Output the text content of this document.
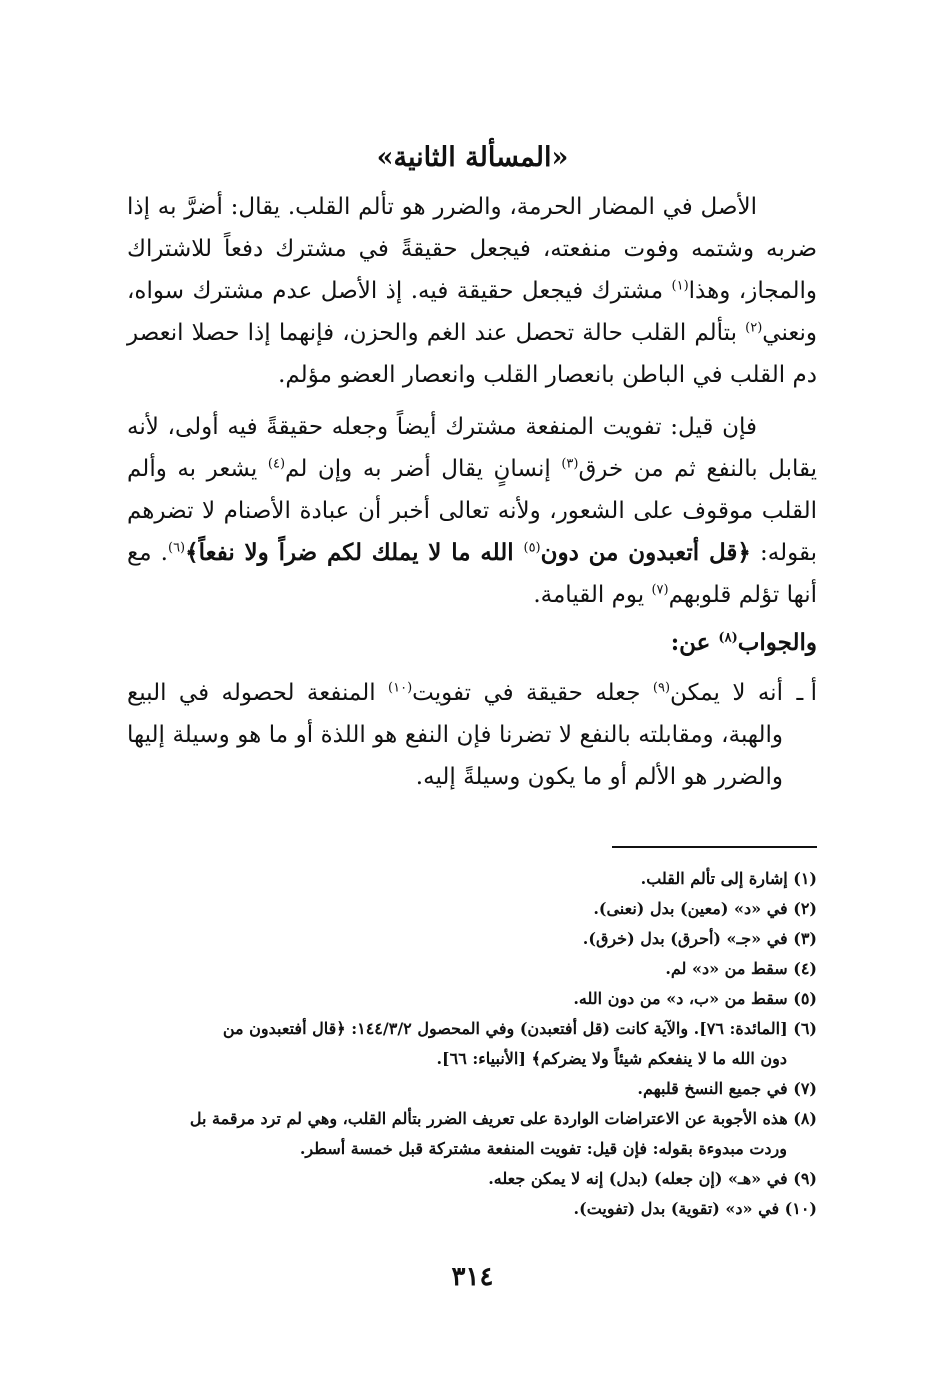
«المسألة الثانية»

الأصل في المضار الحرمة، والضرر هو تألم القلب. يقال: أضرَّ به إذا ضربه وشتمه وفوت منفعته، فيجعل حقيقةً في مشترك دفعاً للاشتراك والمجاز، وهذا$^{(١)}$ مشترك فيجعل حقيقة فيه. إذ الأصل عدم مشترك سواه، ونعني$^{(٢)}$ بتألم القلب حالة تحصل عند الغم والحزن، فإنهما إذا حصلا انعصر دم القلب في الباطن بانعصار القلب وانعصار العضو مؤلم.

فإن قيل: تفويت المنفعة مشترك أيضاً وجعله حقيقةً فيه أولى، لأنه يقابل بالنفع ثم من خرق$^{(٣)}$ إنسانٍ يقال أضر به وإن لم$^{(٤)}$ يشعر به وألم القلب موقوف على الشعور، ولأنه تعالى أخبر أن عبادة الأصنام لا تضرهم بقوله: ﴿قل أتعبدون من دون$^{(٥)}$ الله ما لا يملك لكم ضراً ولا نفعاً﴾$^{(٦)}$. مع أنها تؤلم قلوبهم$^{(٧)}$ يوم القيامة.

والجواب$^{(٨)}$ عن:

أ ـ

أنه لا يمكن$^{(٩)}$ جعله حقيقة في تفويت$^{(١٠)}$ المنفعة لحصوله في البيع والهبة، ومقابلته بالنفع لا تضرنا فإن النفع هو اللذة أو ما هو وسيلة إليها والضرر هو الألم أو ما يكون وسيلةً إليه.

(١) إشارة إلى تألم القلب.

(٢) في «د» (معين) بدل (نعنى).

(٣) في «جـ» (أحرق) بدل (خرق).

(٤) سقط من «د» لم.

(٥) سقط من «ب، د» من دون الله.

(٦) [المائدة: ٧٦]. والآية كانت (قل أفتعبدن) وفي المحصول ١٤٤/٣/٢: ﴿قال أفتعبدون من

دون الله ما لا ينفعكم شيئاً ولا يضركم﴾ [الأنبياء: ٦٦].

(٧) في جميع النسخ قلبهم.

(٨) هذه الأجوبة عن الاعتراضات الواردة على تعريف الضرر بتألم القلب، وهي لم ترد مرقمة بل

وردت مبدوءة بقوله: فإن قيل: تفويت المنفعة مشتركة قبل خمسة أسطر.

(٩) في «هـ» (إن جعله) (بدل) إنه لا يمكن جعله.

(١٠) في «د» (تقوية) بدل (تفويت).

٣١٤
